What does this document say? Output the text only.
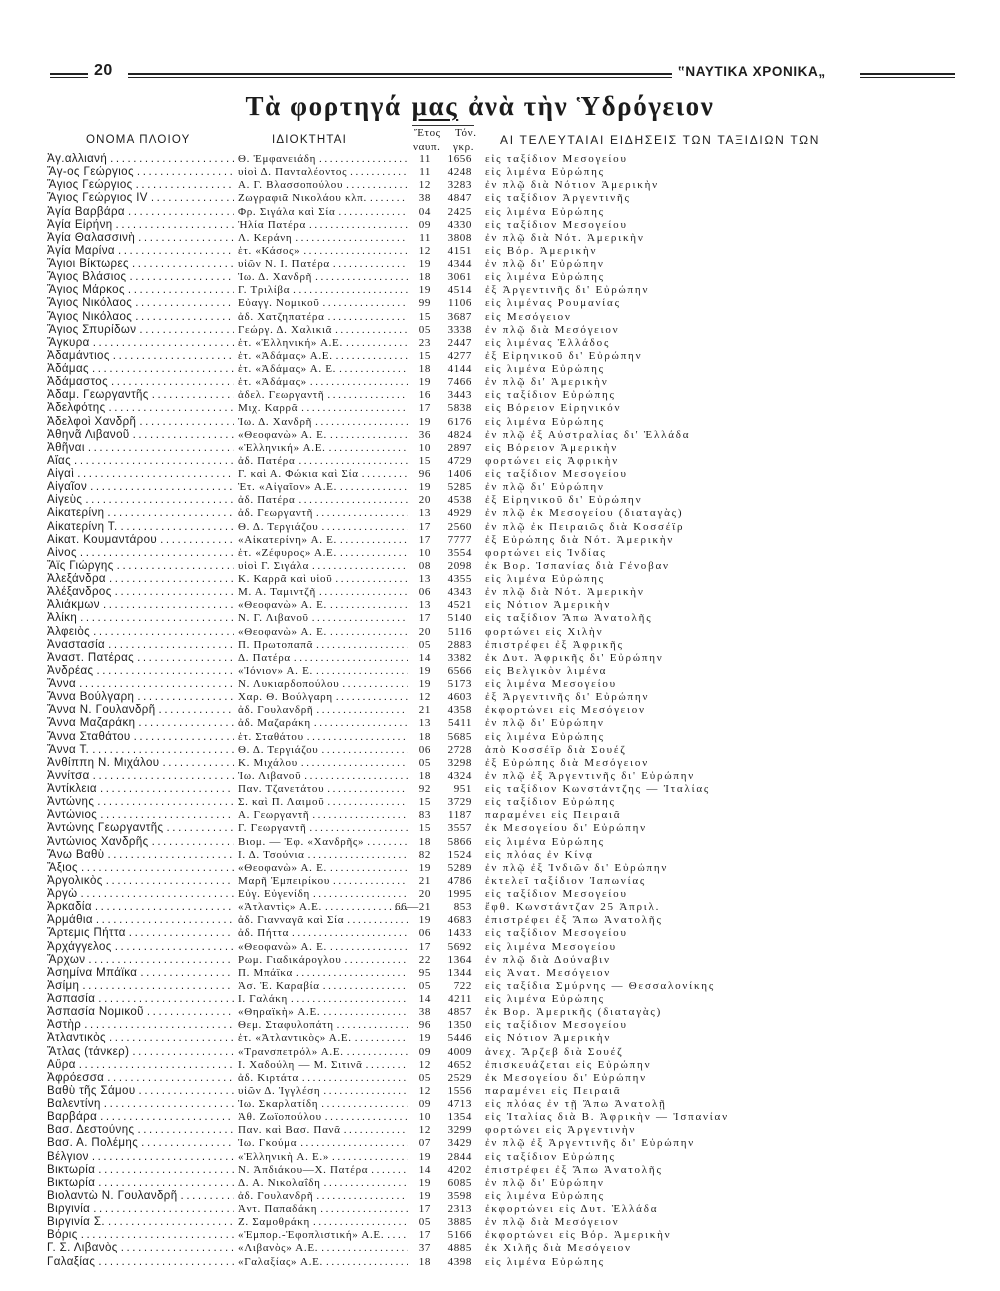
20	‟ΝΑΥΤΙΚΑ ΧΡΟΝΙΚΑ„
Τὰ φορτηγά μας ἀνὰ τὴν Ὑδρόγειον
ΟΝΟΜΑ ΠΛΟΙΟΥ	ΙΔΙΟΚΤΗΤΑΙ
Ἔτος
ναυπ.
Τόν.
γκρ. ΑΙ ΤΕΛΕΥΤΑΙΑΙ ΕΙΔΗΣΕΙΣ ΤΩΝ ΤΑΞΙΔΙΩΝ ΤΩΝ
Ἀγ.αλλιανή .....	Θ. Ἐμφανειάδη .....	11	1656 εἰς ταξίδιον Μεσογείου
Ἄγ-ος Γεώργιος .....	υἱοὶ Δ. Πανταλέοντος .....	11	4248 εἰς λιμένα Εὐρώπης
Ἅγιος Γεώργιος .....	Α. Γ. Βλασσοπούλου .....	12	3283 ἐν πλῷ διὰ Νότιον Ἀμερικὴν
Ἅγιος Γεώργιος IV .....	Ζωγραφιᾶ Νικολάου κλπ. .....	38	4847 εἰς ταξίδιον Ἀργεντινῆς
Ἁγία Βαρβάρα .....	Φρ. Σιγάλα καὶ Σία .....	04	2425 εἰς λιμένα Εὐρώπης
Ἁγία Εἰρήνη .....	Ἠλία Πατέρα .....	09	4330 εἰς ταξίδιον Μεσογείου
Ἁγία Θαλασσινὴ .....	Λ. Κεράνη .....	11	3808 ἐν πλῷ διὰ Νότ. Ἀμερικὴν
Ἁγία Μαρίνα .....	ἑτ. «Κάσος» .....	12	4151 εἰς Βόρ. Ἀμερικὴν
Ἅγιοι Βίκτωρες .....	υἱῶν Ν. Ι. Πατέρα .....	19	4344 ἐν πλῷ δι' Εὐρώπην
Ἅγιος Βλάσιος .....	Ἰω. Δ. Χανδρῆ .....	18	3061 εἰς λιμένα Εὐρώπης
Ἅγιος Μάρκος .....	Γ. Τριλίβα .....	19	4514 ἐξ Ἀργεντινῆς δι' Εὐρώπην
Ἅγιος Νικόλαος .....	Εὐαγγ. Νομικοῦ .....	99	1106 εἰς λιμένας Ρουμανίας
Ἅγιος Νικόλαος .....	ἀδ. Χατζηπατέρα .....	15	3687 εἰς Μεσόγειον
Ἅγιος Σπυρίδων .....	Γεώργ. Δ. Χαλικιᾶ .....	05	3338 ἐν πλῷ διὰ Μεσόγειον
Ἄγκυρα .....	ἑτ. «Ἑλληνική» Α.Ε. .....	23	2447 εἰς λιμένας Ἑλλάδος
Ἀδαμάντιος .....	ἑτ. «Ἀδάμας» Α.Ε. .....	15	4277 ἐξ Εἰρηνικοῦ δι' Εὐρώπην
Ἀδάμας .....	ἑτ. «Ἀδάμας» Α. Ε. .....	18	4144 εἰς λιμένα Εὐρώπης
Ἀδάμαστος .....	ἑτ. «Ἀδάμας» .....	19	7466 ἐν πλῷ δι' Ἀμερικὴν
Ἀδαμ. Γεωργαντῆς .....	ἀδελ. Γεωργαντῆ .....	16	3443 εἰς ταξίδιον Εὐρώπης
Ἀδελφότης .....	Μιχ. Καρρᾶ .....	17	5838 εἰς Βόρειον Εἰρηνικόν
Ἀδελφοὶ Χανδρῆ .....	Ἰω. Δ. Χανδρῆ .....	19	6176 εἰς λιμένα Εὐρώπης
Ἀθηνᾶ Λιβανοῦ .....	«Θεοφανὼ» Α. Ε. .....	36	4824 ἐν πλῷ ἐξ Αὐστραλίας δι' Ἑλλάδα
Ἀθῆναι .....	«Ἑλληνική» Α.Ε. .....	10	2897 εἰς Βόρειον Ἀμερικὴν
Αἴας .....	ἀδ. Πατέρα .....	15	4729 φορτώνει εἰς Ἀφρικὴν
Αἰγαὶ .....	Γ. καὶ Α. Φώκια καὶ Σία .....	96	1406 εἰς ταξίδιον Μεσογείου
Αἰγαῖον .....	Ἑτ. «Αἰγαῖον» Α.Ε. .....	19	5285 ἐν πλῷ δι' Εὐρώπην
Αἰγεὺς .....	ἀδ. Πατέρα .....	20	4538 ἐξ Εἰρηνικοῦ δι' Εὐρώπην
Αἰκατερίνη .....	ἀδ. Γεωργαντῆ .....	13	4929 ἐν πλῷ ἐκ Μεσογείου (διαταγὰς)
Αἰκατερίνη Τ. .....	Θ. Δ. Τεργιάζου .....	17	2560 ἐν πλῷ ἐκ Πειραιῶς διὰ Κοσσέϊρ
Αἰκατ. Κουμαντάρου .....	«Αἰκατερίνη» Α. Ε. .....	17	7777 ἐξ Εὐρώπης διὰ Νότ. Ἀμερικὴν
Αἶνος .....	ἑτ. «Ζέφυρος» Α.Ε. .....	10	3554 φορτώνει εἰς Ἰνδίας
Ἄϊς Γιώργης .....	υἱοὶ Γ. Σιγάλα .....	08	2098 ἐκ Βορ. Ἰσπανίας διὰ Γένοβαν
Ἀλεξάνδρα .....	Κ. Καρρᾶ καὶ υἱοῦ .....	13	4355 εἰς λιμένα Εὐρώπης
Ἀλέξανδρος .....	Μ. Α. Ταμιντζῆ .....	06	4343 ἐν πλῷ διὰ Νότ. Ἀμερικὴν
Ἀλιάκμων .....	«Θεοφανὼ» Α. Ε. .....	13	4521 εἰς Νότιον Ἀμερικὴν
Ἀλίκη .....	Ν. Γ. Λιβανοῦ .....	17	5140 εἰς ταξίδιον Ἄπω Ἀνατολῆς
Ἀλφειὸς .....	«Θεοφανὼ» Α. Ε. .....	20	5116 φορτώνει εἰς Χιλὴν
Ἀναστασία .....	Π. Πρωτοπαπᾶ .....	05	2883 ἐπιστρέφει ἐξ Ἀφρικῆς
Ἀναστ. Πατέρας .....	Δ. Πατέρα .....	14	3382 ἐκ Δυτ. Ἀφρικῆς δι' Εὐρώπην
Ἀνδρέας .....	«Ἰόνιον» Α. Ε. .....	19	6566 εἰς Βελγικὸν λιμένα
Ἄννα .....	Ν. Λυκιαρδοπούλου .....	19	5173 εἰς λιμένα Μεσογείου
Ἄννα Βούλγαρη .....	Χαρ. Θ. Βούλγαρη .....	12	4603 ἐξ Ἀργεντινῆς δι' Εὐρώπην
Ἄννα Ν. Γουλανδρῆ .....	ἀδ. Γουλανδρῆ .....	21	4358 ἐκφορτώνει εἰς Μεσόγειον
Ἄννα Μαζαράκη .....	ἀδ. Μαζαράκη .....	13	5411 ἐν πλῷ δι' Εὐρώπην
Ἄννα Σταθάτου .....	ἑτ. Σταθάτου .....	18	5685 εἰς λιμένα Εὐρώπης
Ἄννα Τ. .....	Θ. Δ. Τεργιάζου .....	06	2728 ἀπὸ Κοσσέϊρ διὰ Σουέζ
Ἀνθίππη Ν. Μιχάλου .....	Κ. Μιχάλου .....	05	3298 ἐξ Εὐρώπης διὰ Μεσόγειον
Ἀννίτσα .....	Ἰω. Λιβανοῦ .....	18	4324 ἐν πλῷ ἐξ Ἀργεντινῆς δι' Εὐρώπην
Ἀντίκλεια .....	Παν. Τζανετάτου .....	92	951 εἰς ταξίδιον Κωνστάντζης — Ἰταλίας
Ἀντώνης .....	Σ. καὶ Π. Λαιμοῦ .....	15	3729 εἰς ταξίδιον Εὐρώπης
Ἀντώνιος .....	Α. Γεωργαντῆ .....	83	1187 παραμένει εἰς Πειραιᾶ
Ἀντώνης Γεωργαντῆς .....	Γ. Γεωργαντῆ .....	15	3557 ἐκ Μεσογείου δι' Εὐρώπην
Ἀντώνιος Χανδρῆς .....	Βιομ. — Ἐφ. «Χανδρῆς» .....	18	5866 εἰς λιμένα Εὐρώπης
Ἄνω Βαθὺ .....	Ι. Δ. Τσούνια .....	82	1524 εἰς πλόας ἐν Κίνᾳ
Ἄξιος .....	«Θεοφανὼ» Α. Ε. .....	19	5289 ἐν πλῷ ἐξ Ἰνδιῶν δι' Εὐρώπην
Ἀργολικὸς .....	Μαρῆ Ἐμπειρίκου .....	21	4786 ἐκτελεῖ ταξίδιον Ἰαπωνίας
Ἀργὼ .....	Εὐγ. Εὐγενίδη .....	20	1995 εἰς ταξίδιον Μεσογείου
Ἀρκαδία .....	«Ἀτλαντὶς» Α.Ε. .....	66—21	853 ἔφθ. Κωνστάντζαν 25 Ἀπριλ.
Ἁρμάθια .....	ἀδ. Γιανναγᾶ καὶ Σία .....	19	4683 ἐπιστρέφει ἐξ Ἄπω Ἀνατολῆς
Ἄρτεμις Πήττα .....	ἀδ. Πήττα .....	06	1433 εἰς ταξίδιον Μεσογείου
Ἀρχάγγελος .....	«Θεοφανὼ» Α. Ε. .....	17	5692 εἰς λιμένα Μεσογείου
Ἄρχων .....	Ρωμ. Γιαδικάρογλου .....	22	1364 ἐν πλῷ διὰ Δούναβιν
Ἀσημίνα Μπάϊκα .....	Π. Μπάϊκα .....	95	1344 εἰς Ἀνατ. Μεσόγειον
Ἀσίμη .....	Ἀσ. Ἐ. Καραβία .....	05	722 εἰς ταξίδια Σμύρνης — Θεσσαλονίκης
Ἀσπασία .....	Ι. Γαλάκη .....	14	4211 εἰς λιμένα Εὐρώπης
Ἀσπασία Νομικοῦ .....	«Θηραϊκὴ» Α.Ε. .....	38	4857 ἐκ Βορ. Ἀμερικῆς (διαταγὰς)
Ἀστὴρ .....	Θεμ. Σταφυλοπάτη .....	96	1350 εἰς ταξίδιον Μεσογείου
Ἀτλαντικὸς .....	ἑτ. «Ἀτλαντικὸς» Α.Ε. .....	19	5446 εἰς Νότιον Ἀμερικὴν
Ἄτλας (τάνκερ) .....	«Τρανσπετρόλ» Α.Ε. .....	09	4009 ἀνεχ. Ἄρζεβ διὰ Σουέζ
Αὔρα .....	Ι. Χαδούλη — Μ. Σιτινᾶ .....	12	4652 ἐπισκευάζεται εἰς Εὐρώπην
Ἀφρόεσσα .....	ἀδ. Κιρτάτα .....	05	2529 ἐκ Μεσογείου δι' Εὐρώπην
Βαθὺ τῆς Σάμου .....	υἱῶν Δ. Ἰγγλέση .....	12	1556 παραμένει εἰς Πειραιᾶ
Βαλεντίνη .....	Ἰω. Σκαρλατίδη .....	09	4713 εἰς πλόας ἐν τῇ Ἄπω Ἀνατολῇ
Βαρβάρα .....	Ἀθ. Ζωϊοπούλου .....	10	1354 εἰς Ἰταλίας διὰ Β. Ἀφρικὴν — Ἰσπανίαν
Βασ. Δεστούνης .....	Παν. καὶ Βασ. Πανᾶ .....	12	3299 φορτώνει εἰς Ἀργεντινὴν
Βασ. Α. Πολέμης .....	Ἰω. Γκούμα .....	07	3429 ἐν πλῷ ἐξ Ἀργεντινῆς δι' Εὐρώπην
Βέλγιον .....	«Ἑλληνικὴ Α. Ε.» .....	19	2844 εἰς ταξίδιον Εὐρώπης
Βικτωρία .....	Ν. Ἀπδιάκου—Χ. Πατέρα .....	14	4202 ἐπιστρέφει ἐξ Ἄπω Ἀνατολῆς
Βικτωρία .....	Δ. Α. Νικολαΐδη .....	19	6085 ἐν πλῷ δι' Εὐρώπην
Βιολαντὼ Ν. Γουλανδρῆ .....	ἀδ. Γουλανδρῆ .....	19	3598 εἰς λιμένα Εὐρώπης
Βιργινία .....	Ἀντ. Παπαδάκη .....	17	2313 ἐκφορτώνει εἰς Δυτ. Ἑλλάδα
Βιργινία Σ. .....	Ζ. Σαμοθράκη .....	05	3885 ἐν πλῷ διὰ Μεσόγειον
Βόρις .....	«Ἐμπορ.-Ἐφοπλιστική» Α.Ε. .....	17	5166 ἐκφορτώνει εἰς Βόρ. Ἀμερικὴν
Γ. Σ. Λιβανὸς .....	«Λιβανὸς» Α.Ε. .....	37	4885 ἐκ Χιλῆς διὰ Μεσόγειον
Γαλαξίας .....	«Γαλαξίας» Α.Ε. .....	18	4398 εἰς λιμένα Εὐρώπης
